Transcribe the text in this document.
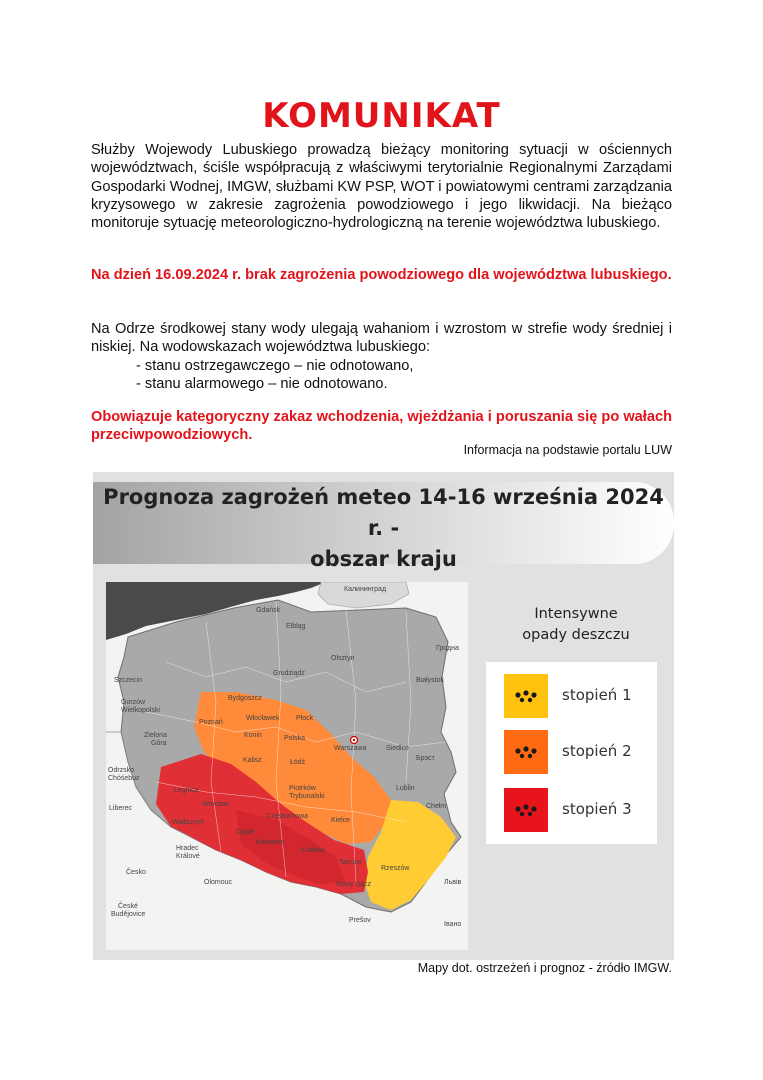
KOMUNIKAT
Służby Wojewody Lubuskiego prowadzą bieżący monitoring sytuacji w ościennych województwach, ściśle współpracują z właściwymi terytorialnie Regionalnymi Zarządami Gospodarki Wodnej, IMGW, służbami KW PSP, WOT i powiatowymi centrami zarządzania kryzysowego w zakresie zagrożenia powodziowego i jego likwidacji. Na bieżąco monitoruje sytuację meteorologiczno-hydrologiczną na terenie województwa lubuskiego.
Na dzień 16.09.2024 r. brak zagrożenia powodziowego dla województwa lubuskiego.
Na Odrze środkowej stany wody ulegają wahaniom i wzrostom w strefie wody średniej i niskiej. Na wodowskazach województwa lubuskiego:
- stanu ostrzegawczego – nie odnotowano,
- stanu alarmowego – nie odnotowano.
Obowiązuje kategoryczny zakaz wchodzenia, wjeżdżania i poruszania się po wałach przeciwpowodziowych.
Informacja na podstawie portalu LUW
Prognoza zagrożeń meteo 14-16 września 2024 r. -
obszar kraju
Калининград
Gdańsk
Elbląg
Olsztyn
Гродна
Szczecin	Białystok
Bydgoszcz
Grudziądz
Poznań
Włocławek Płock
Gorzów
Wielkopolski
Konin	Polska
Zielona
Góra
Warszawa	Siedlce
Łódź
Kalisz	Брэст
Odrzsko
Chóśebuz
Legnica	Lublin
Wrocław
Piotrków
Trybunalski
Częstochowa
Chełm
Kielce
Liberec
Wałbrzych
Opole
Katowice
Kraków
Rzeszów
Hradec
Králové
Česko
Olomouc
Tarnów
Nowy Sącz	Львів
Prešov
České
Budějovice
Івано
Intensywne
opady deszczu
stopień 1
stopień 2
stopień 3
Mapy dot. ostrzeżeń i prognoz - źródło IMGW.
